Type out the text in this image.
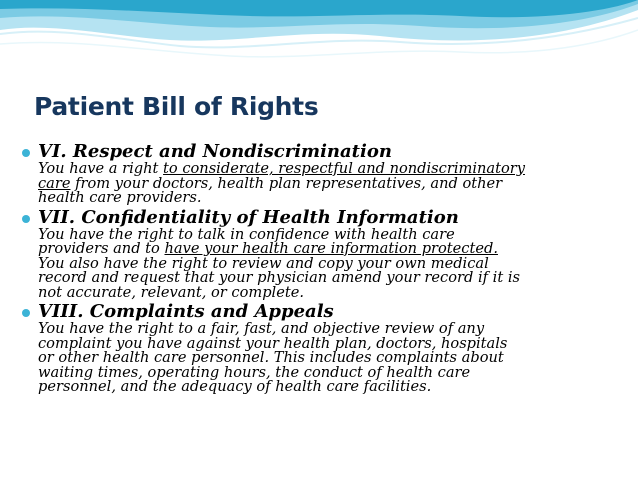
Patient Bill of Rights
VI. Respect and Nondiscrimination
You have a right to considerate, respectful and nondiscriminatory
care from your doctors, health plan representatives, and other
health care providers.
VII. Confidentiality of Health Information
You have the right to talk in confidence with health care
providers and to have your health care information protected.
You also have the right to review and copy your own medical
record and request that your physician amend your record if it is
not accurate, relevant, or complete.
VIII. Complaints and Appeals
You have the right to a fair, fast, and objective review of any
complaint you have against your health plan, doctors, hospitals
or other health care personnel. This includes complaints about
waiting times, operating hours, the conduct of health care
personnel, and the adequacy of health care facilities.
